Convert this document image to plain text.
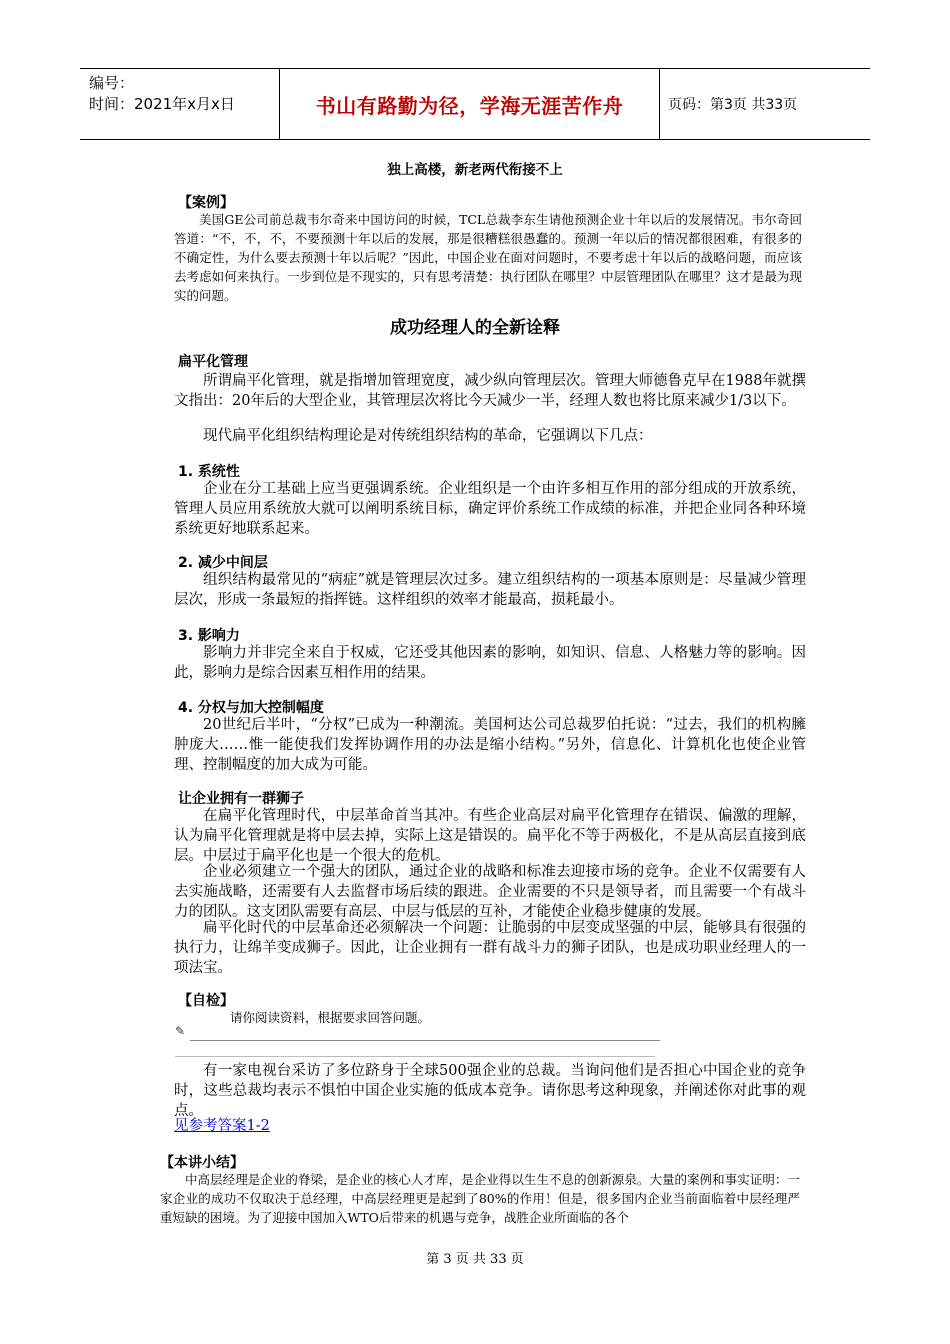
编号：
时间：2021年x月x日	书山有路勤为径，学海无涯苦作舟	页码：第3页 共33页
独上高楼，新老两代衔接不上
【案例】
美国GE公司前总裁韦尔奇来中国访问的时候，TCL总裁李东生请他预测企业十年以后的发展情况。韦尔奇回答道：“不，不，不，不要预测十年以后的发展，那是很糟糕很愚蠢的。预测一年以后的情况都很困难，有很多的不确定性，为什么要去预测十年以后呢？”因此，中国企业在面对问题时，不要考虑十年以后的战略问题，而应该去考虑如何来执行。一步到位是不现实的，只有思考清楚：执行团队在哪里？中层管理团队在哪里？这才是最为现实的问题。
成功经理人的全新诠释
扁平化管理
所谓扁平化管理，就是指增加管理宽度，减少纵向管理层次。管理大师德鲁克早在1988年就撰文指出：20年后的大型企业，其管理层次将比今天减少一半，经理人数也将比原来减少1/3以下。
现代扁平化组织结构理论是对传统组织结构的革命，它强调以下几点：
1. 系统性
企业在分工基础上应当更强调系统。企业组织是一个由许多相互作用的部分组成的开放系统，管理人员应用系统放大就可以阐明系统目标，确定评价系统工作成绩的标准，并把企业同各种环境系统更好地联系起来。
2. 减少中间层
组织结构最常见的“病症”就是管理层次过多。建立组织结构的一项基本原则是：尽量减少管理层次，形成一条最短的指挥链。这样组织的效率才能最高，损耗最小。
3. 影响力
影响力并非完全来自于权威，它还受其他因素的影响，如知识、信息、人格魅力等的影响。因此，影响力是综合因素互相作用的结果。
4. 分权与加大控制幅度
20世纪后半叶，“分权”已成为一种潮流。美国柯达公司总裁罗伯托说：“过去，我们的机构臃肿庞大……惟一能使我们发挥协调作用的办法是缩小结构。”另外，信息化、计算机化也使企业管理、控制幅度的加大成为可能。
让企业拥有一群狮子
在扁平化管理时代，中层革命首当其冲。有些企业高层对扁平化管理存在错误、偏激的理解，认为扁平化管理就是将中层去掉，实际上这是错误的。扁平化不等于两极化，不是从高层直接到底层。中层过于扁平化也是一个很大的危机。
企业必须建立一个强大的团队，通过企业的战略和标准去迎接市场的竞争。企业不仅需要有人去实施战略，还需要有人去监督市场后续的跟进。企业需要的不只是领导者，而且需要一个有战斗力的团队。这支团队需要有高层、中层与低层的互补，才能使企业稳步健康的发展。
扁平化时代的中层革命还必须解决一个问题：让脆弱的中层变成坚强的中层，能够具有很强的执行力，让绵羊变成狮子。因此，让企业拥有一群有战斗力的狮子团队，也是成功职业经理人的一项法宝。
【自检】
请你阅读资料，根据要求回答问题。
✎
有一家电视台采访了多位跻身于全球500强企业的总裁。当询问他们是否担心中国企业的竞争时，这些总裁均表示不惧怕中国企业实施的低成本竞争。请你思考这种现象，并阐述你对此事的观点。
见参考答案1-2
【本讲小结】
中高层经理是企业的脊梁，是企业的核心人才库，是企业得以生生不息的创新源泉。大量的案例和事实证明：一家企业的成功不仅取决于总经理，中高层经理更是起到了80%的作用！但是，很多国内企业当前面临着中层经理严重短缺的困境。为了迎接中国加入WTO后带来的机遇与竞争，战胜企业所面临的各个
第 3 页 共 33 页
